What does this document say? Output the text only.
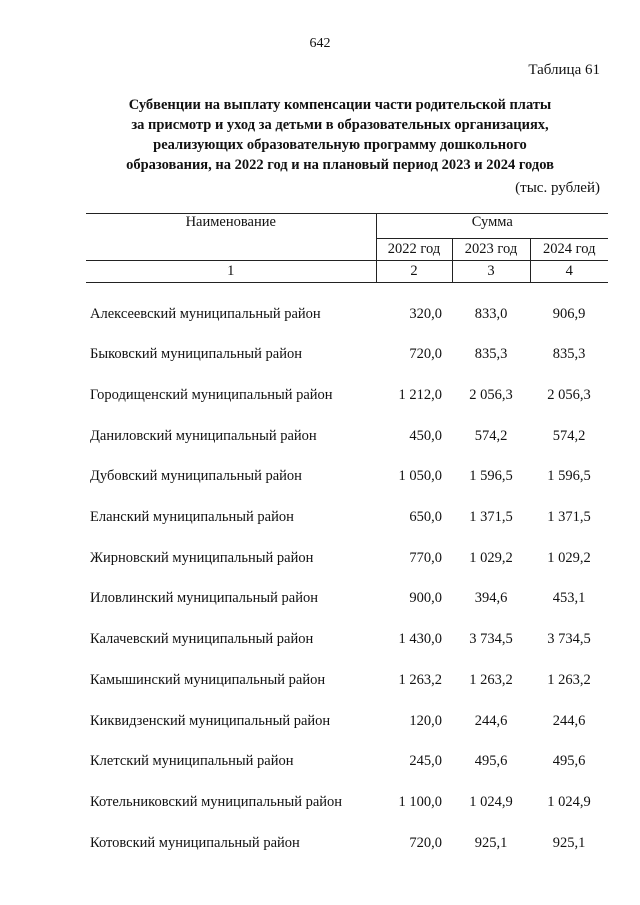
642
Таблица 61
Субвенции на выплату компенсации части родительской платы
за присмотр и уход за детьми в образовательных организациях,
реализующих образовательную программу дошкольного
образования, на 2022 год и на плановый период 2023 и 2024 годов
(тыс. рублей)
Наименование	Сумма		
	2022 год	2023 год	2024 год
1	2	3	4
Алексеевский муниципальный район	320,0	833,0	906,9
Быковский муниципальный район	720,0	835,3	835,3
Городищенский муниципальный район	1 212,0	2 056,3	2 056,3
Даниловский муниципальный район	450,0	574,2	574,2
Дубовский муниципальный район	1 050,0	1 596,5	1 596,5
Еланский муниципальный район	650,0	1 371,5	1 371,5
Жирновский муниципальный район	770,0	1 029,2	1 029,2
Иловлинский муниципальный район	900,0	394,6	453,1
Калачевский муниципальный район	1 430,0	3 734,5	3 734,5
Камышинский муниципальный район	1 263,2	1 263,2	1 263,2
Киквидзенский муниципальный район	120,0	244,6	244,6
Клетский муниципальный район	245,0	495,6	495,6
Котельниковский муниципальный район	1 100,0	1 024,9	1 024,9
Котовский муниципальный район	720,0	925,1	925,1
